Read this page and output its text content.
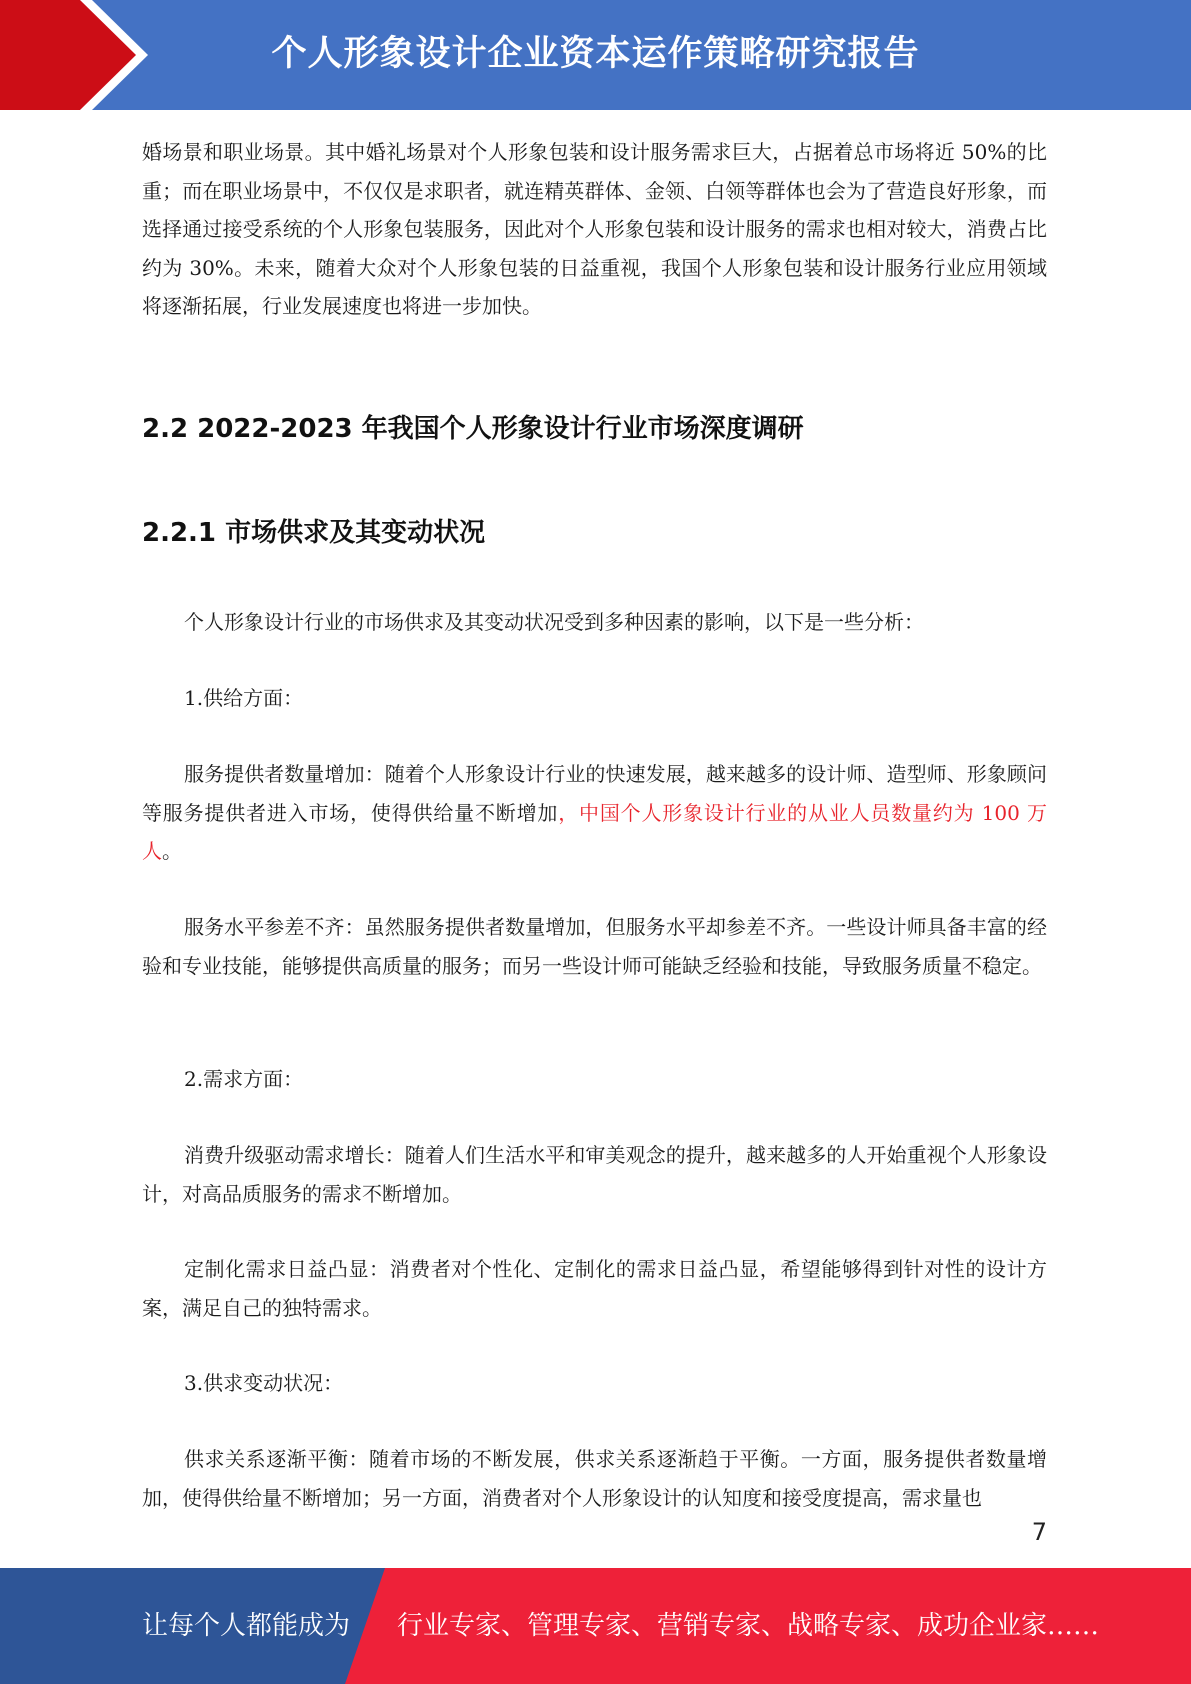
个人形象设计企业资本运作策略研究报告

婚场景和职业场景。其中婚礼场景对个人形象包装和设计服务需求巨大，占据着总市场将近 50%的比重；而在职业场景中，不仅仅是求职者，就连精英群体、金领、白领等群体也会为了营造良好形象，而选择通过接受系统的个人形象包装服务，因此对个人形象包装和设计服务的需求也相对较大，消费占比约为 30%。未来，随着大众对个人形象包装的日益重视，我国个人形象包装和设计服务行业应用领域将逐渐拓展，行业发展速度也将进一步加快。

2.2 2022-2023 年我国个人形象设计行业市场深度调研
2.2.1 市场供求及其变动状况

个人形象设计行业的市场供求及其变动状况受到多种因素的影响，以下是一些分析：

1.供给方面：

服务提供者数量增加：随着个人形象设计行业的快速发展，越来越多的设计师、造型师、形象顾问等服务提供者进入市场，使得供给量不断增加，中国个人形象设计行业的从业人员数量约为 100 万人。

服务水平参差不齐：虽然服务提供者数量增加，但服务水平却参差不齐。一些设计师具备丰富的经验和专业技能，能够提供高质量的服务；而另一些设计师可能缺乏经验和技能，导致服务质量不稳定。

2.需求方面：

消费升级驱动需求增长：随着人们生活水平和审美观念的提升，越来越多的人开始重视个人形象设计，对高品质服务的需求不断增加。

定制化需求日益凸显：消费者对个性化、定制化的需求日益凸显，希望能够得到针对性的设计方案，满足自己的独特需求。

3.供求变动状况：

供求关系逐渐平衡：随着市场的不断发展，供求关系逐渐趋于平衡。一方面，服务提供者数量增加，使得供给量不断增加；另一方面，消费者对个人形象设计的认知度和接受度提高，需求量也

7
让每个人都能成为 行业专家、管理专家、营销专家、战略专家、成功企业家……
